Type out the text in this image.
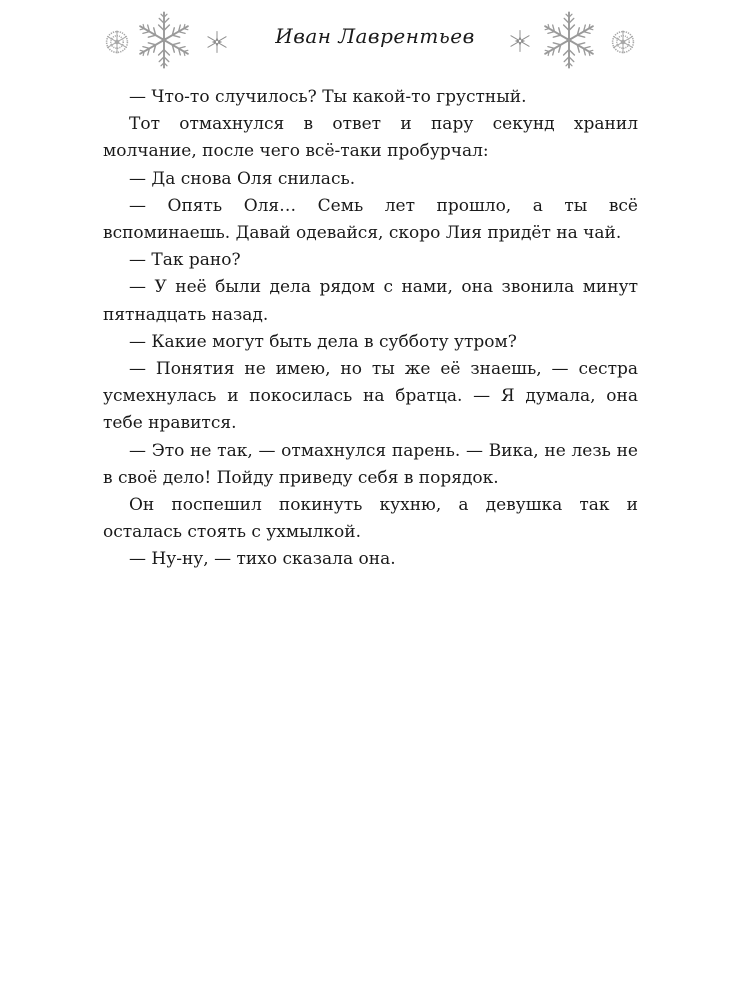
Иван Лаврентьев

— Что-то случилось? Ты какой-то грустный.

Тот отмахнулся в ответ и пару секунд хранил молчание, после чего всё-таки пробурчал:

— Да снова Оля снилась.

— Опять Оля… Семь лет прошло, а ты всё вспоминаешь. Давай одевайся, скоро Лия придёт на чай.

— Так рано?

— У неё были дела рядом с нами, она звонила минут пятнадцать назад.

— Какие могут быть дела в субботу утром?

— Понятия не имею, но ты же её знаешь, — сестра усмехнулась и покосилась на братца. — Я думала, она тебе нравится.

— Это не так, — отмахнулся парень. — Вика, не лезь не в своё дело! Пойду приведу себя в порядок.

Он поспешил покинуть кухню, а девушка так и осталась стоять с ухмылкой.

— Ну-ну, — тихо сказала она.
